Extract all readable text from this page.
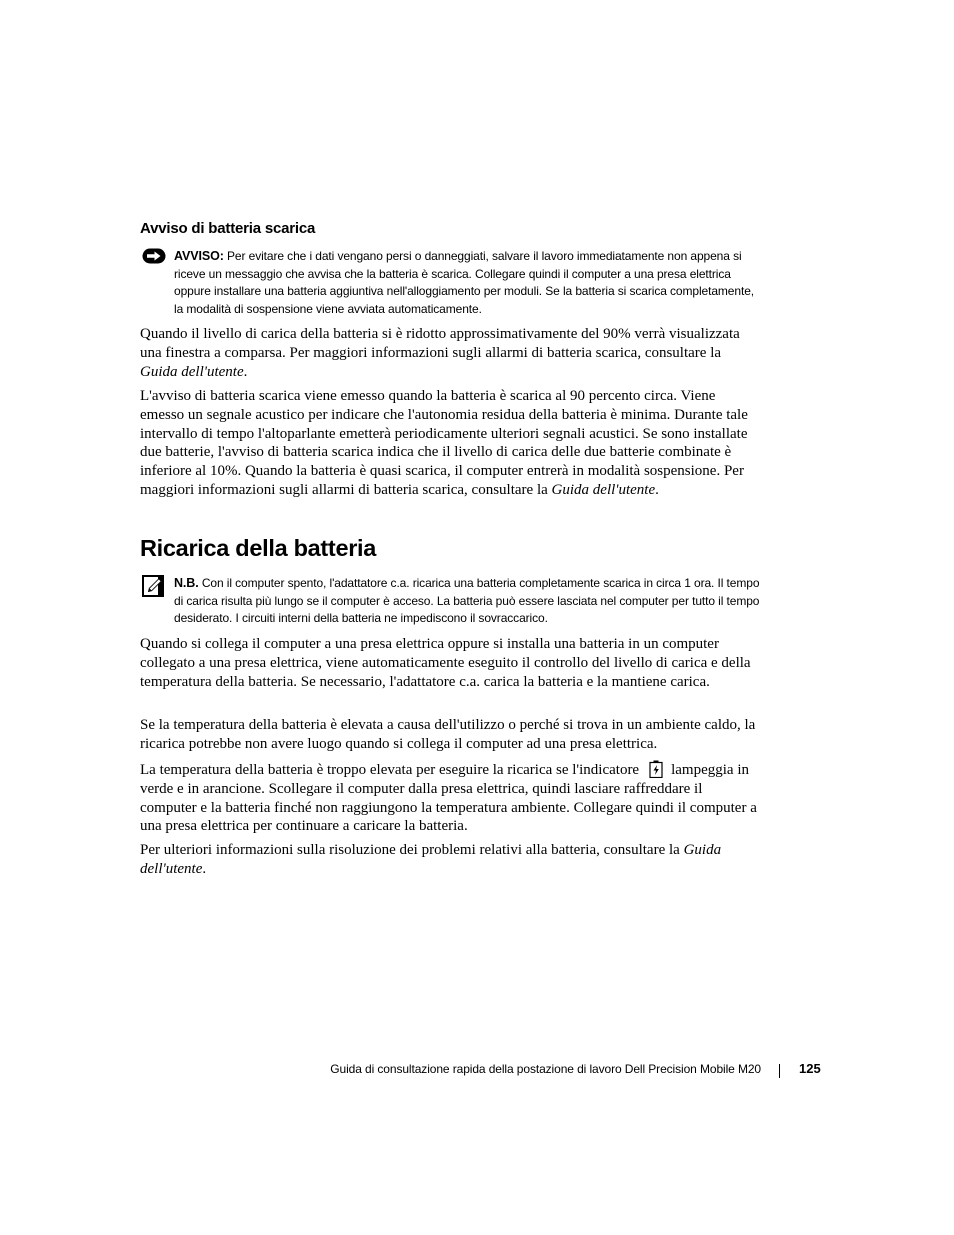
Avviso di batteria scarica

AVVISO: Per evitare che i dati vengano persi o danneggiati, salvare il lavoro immediatamente non appena si riceve un messaggio che avvisa che la batteria è scarica. Collegare quindi il computer a una presa elettrica oppure installare una batteria aggiuntiva nell'alloggiamento per moduli. Se la batteria si scarica completamente, la modalità di sospensione viene avviata automaticamente.

Quando il livello di carica della batteria si è ridotto approssimativamente del 90% verrà visualizzata una finestra a comparsa. Per maggiori informazioni sugli allarmi di batteria scarica, consultare la Guida dell'utente.

L'avviso di batteria scarica viene emesso quando la batteria è scarica al 90 percento circa. Viene emesso un segnale acustico per indicare che l'autonomia residua della batteria è minima. Durante tale intervallo di tempo l'altoparlante emetterà periodicamente ulteriori segnali acustici. Se sono installate due batterie, l'avviso di batteria scarica indica che il livello di carica delle due batterie combinate è inferiore al 10%. Quando la batteria è quasi scarica, il computer entrerà in modalità sospensione. Per maggiori informazioni sugli allarmi di batteria scarica, consultare la Guida dell'utente.

Ricarica della batteria

N.B. Con il computer spento, l'adattatore c.a. ricarica una batteria completamente scarica in circa 1 ora. Il tempo di carica risulta più lungo se il computer è acceso. La batteria può essere lasciata nel computer per tutto il tempo desiderato. I circuiti interni della batteria ne impediscono il sovraccarico.

Quando si collega il computer a una presa elettrica oppure si installa una batteria in un computer collegato a una presa elettrica, viene automaticamente eseguito il controllo del livello di carica e della temperatura della batteria. Se necessario, l'adattatore c.a. carica la batteria e la mantiene carica.

Se la temperatura della batteria è elevata a causa dell'utilizzo o perché si trova in un ambiente caldo, la ricarica potrebbe non avere luogo quando si collega il computer ad una presa elettrica.

La temperatura della batteria è troppo elevata per eseguire la ricarica se l'indicatore lampeggia in verde e in arancione. Scollegare il computer dalla presa elettrica, quindi lasciare raffreddare il computer e la batteria finché non raggiungono la temperatura ambiente. Collegare quindi il computer a una presa elettrica per continuare a caricare la batteria.

Per ulteriori informazioni sulla risoluzione dei problemi relativi alla batteria, consultare la Guida dell'utente.

Guida di consultazione rapida della postazione di lavoro Dell Precision Mobile M20	125
